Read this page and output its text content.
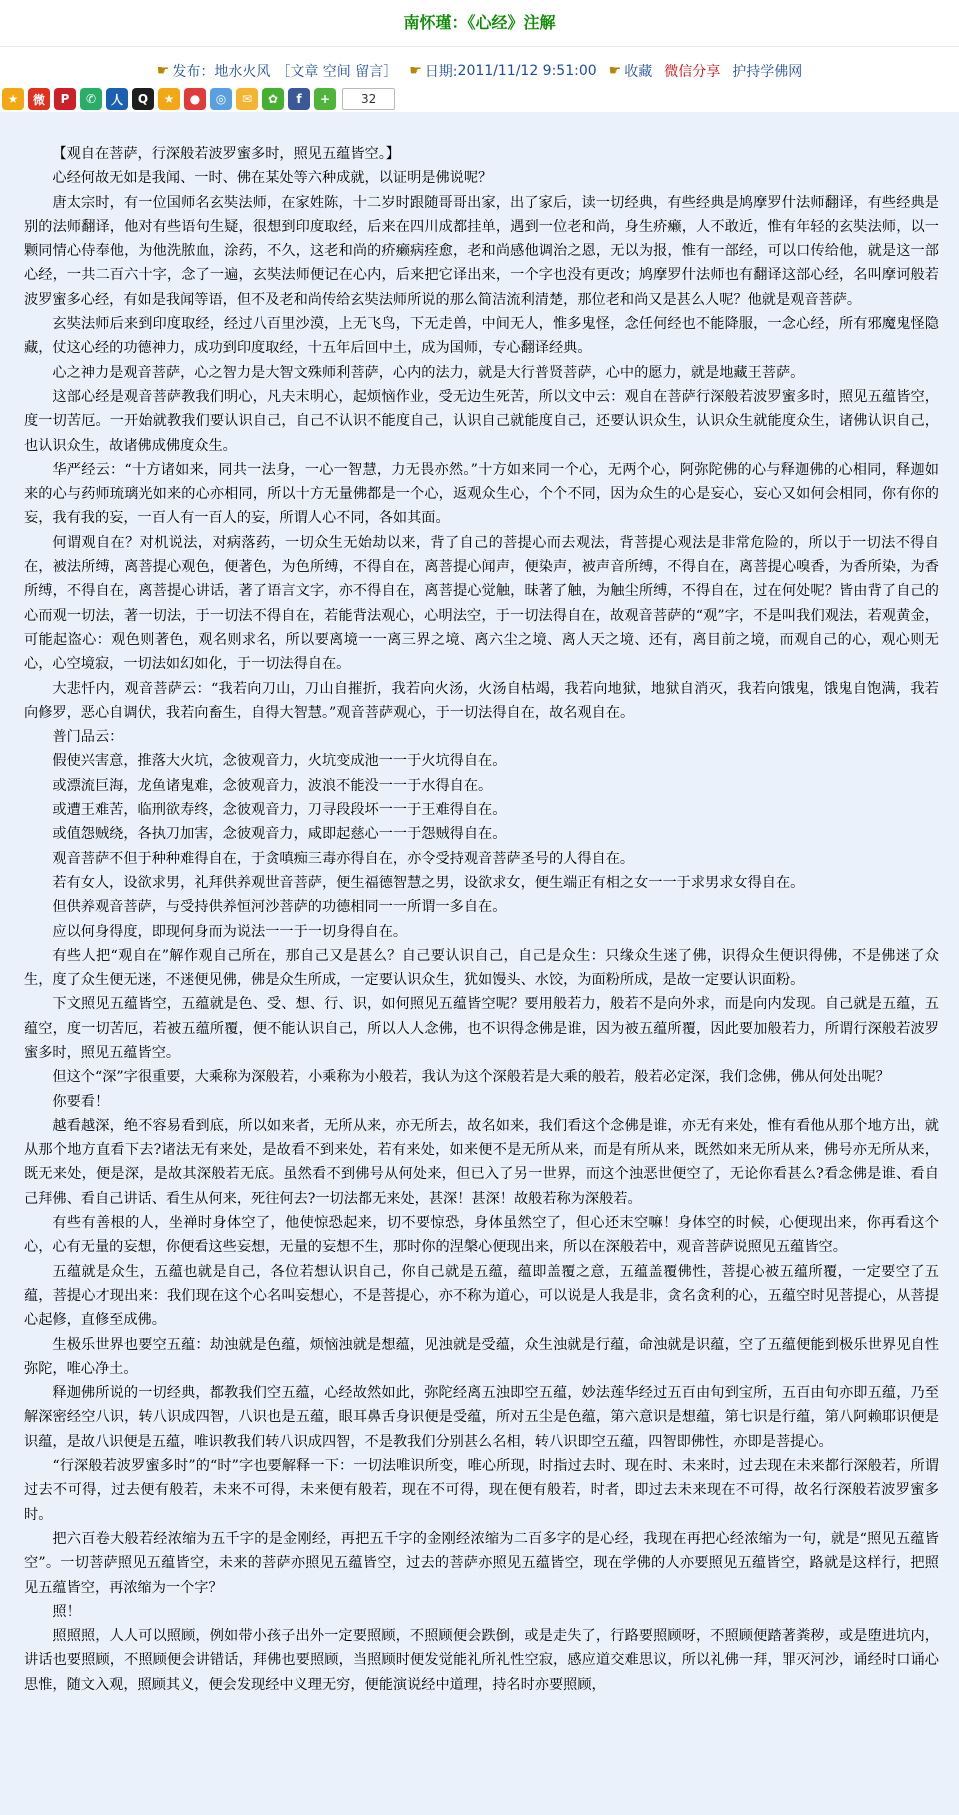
南怀瑾：《心经》注解
☛ 发布： 地水火风 ［文章 空间 留言］ ☛ 日期: 2011/11/12 9:51:00 ☛ 收藏 微信分享 护持学佛网
★	微	P	✆	人	Q	★	●	◎	✉	✿	f	+	32

【观自在菩萨，行深般若波罗蜜多时，照见五蕴皆空。】

心经何故无如是我闻、一时、佛在某处等六种成就，以证明是佛说呢？

唐太宗时，有一位国师名玄奘法师，在家姓陈，十二岁时跟随哥哥出家，出了家后，读一切经典，有些经典是鸠摩罗什法师翻译，有些经典是别的法师翻译，他对有些语句生疑，很想到印度取经，后来在四川成都挂单，遇到一位老和尚，身生疥癞，人不敢近，惟有年轻的玄奘法师，以一颗同情心侍奉他，为他洗脓血，涂药，不久，这老和尚的疥癞病痊愈，老和尚感他调治之恩，无以为报，惟有一部经，可以口传给他，就是这一部心经，一共二百六十字，念了一遍，玄奘法师便记在心内，后来把它译出来，一个字也没有更改；鸠摩罗什法师也有翻译这部心经，名叫摩诃般若波罗蜜多心经，有如是我闻等语，但不及老和尚传给玄奘法师所说的那么简洁流利清楚，那位老和尚又是甚么人呢？他就是观音菩萨。

玄奘法师后来到印度取经，经过八百里沙漠，上无飞鸟，下无走兽，中间无人，惟多鬼怪，念任何经也不能降服，一念心经，所有邪魔鬼怪隐藏，仗这心经的功德神力，成功到印度取经，十五年后回中土，成为国师，专心翻译经典。

心之神力是观音菩萨，心之智力是大智文殊师利菩萨，心内的法力，就是大行普贤菩萨，心中的愿力，就是地藏王菩萨。

这部心经是观音菩萨教我们明心，凡夫末明心，起烦恼作业，受无边生死苦，所以文中云：观自在菩萨行深般若波罗蜜多时，照见五蕴皆空，度一切苦厄。一开始就教我们要认识自己，自己不认识不能度自己，认识自己就能度自己，还要认识众生，认识众生就能度众生，诸佛认识自己，也认识众生，故诸佛成佛度众生。

华严经云：“十方诸如来，同共一法身，一心一智慧，力无畏亦然。”十方如来同一个心，无两个心，阿弥陀佛的心与释迦佛的心相同，释迦如来的心与药师琉璃光如来的心亦相同，所以十方无量佛都是一个心，返观众生心，个个不同，因为众生的心是妄心，妄心又如何会相同，你有你的妄，我有我的妄，一百人有一百人的妄，所谓人心不同，各如其面。

何谓观自在？对机说法，对病落药，一切众生无始劫以来，背了自己的菩提心而去观法，背菩提心观法是非常危险的，所以于一切法不得自在，被法所缚，离菩提心观色，便著色，为色所缚，不得自在，离菩提心闻声，便染声，被声音所缚，不得自在，离菩提心嗅香，为香所染，为香所缚，不得自在，离菩提心讲话，著了语言文字，亦不得自在，离菩提心觉触，昧著了触，为触尘所缚，不得自在，过在何处呢？皆由背了自己的心而观一切法，著一切法，于一切法不得自在，若能背法观心，心明法空，于一切法得自在，故观音菩萨的“观”字，不是叫我们观法，若观黄金，可能起盗心：观色则著色，观名则求名，所以要离境一一离三界之境、离六尘之境、离人天之境、还有，离目前之境，而观自己的心，观心则无心，心空境寂，一切法如幻如化，于一切法得自在。

大悲忏内，观音菩萨云：“我若向刀山，刀山自摧折，我若向火汤，火汤自枯竭，我若向地狱，地狱自消灭，我若向饿鬼，饿鬼自饱满，我若向修罗，恶心自调伏，我若向畜生，自得大智慧。”观音菩萨观心，于一切法得自在，故名观自在。

普门品云：

假使兴害意，推落大火坑，念彼观音力，火坑变成池一一于火坑得自在。

或漂流巨海，龙鱼诸鬼难，念彼观音力，波浪不能没一一于水得自在。

或遭王难苦，临刑欲寿终，念彼观音力，刀寻段段坏一一于王难得自在。

或值怨贼绕，各执刀加害，念彼观音力，咸即起慈心一一于怨贼得自在。

观音菩萨不但于种种难得自在，于贪嗔痴三毒亦得自在，亦令受持观音菩萨圣号的人得自在。

若有女人，设欲求男，礼拜供养观世音菩萨，便生福德智慧之男，设欲求女，便生端正有相之女一一于求男求女得自在。

但供养观音菩萨，与受持供养恒河沙菩萨的功德相同一一所谓一多自在。

应以何身得度，即现何身而为说法一一于一切身得自在。

有些人把“观自在”解作观自己所在，那自己又是甚么？自己要认识自己，自己是众生：只缘众生迷了佛，识得众生便识得佛，不是佛迷了众生，度了众生便无迷，不迷便见佛，佛是众生所成，一定要认识众生，犹如馒头、水饺，为面粉所成，是故一定要认识面粉。

下文照见五蕴皆空，五蕴就是色、受、想、行、识，如何照见五蕴皆空呢？要用般若力，般若不是向外求，而是向内发现。自己就是五蕴，五蕴空，度一切苦厄，若被五蕴所覆，便不能认识自己，所以人人念佛，也不识得念佛是谁，因为被五蕴所覆，因此要加般若力，所谓行深般若波罗蜜多时，照见五蕴皆空。

但这个“深”字很重要，大乘称为深般若，小乘称为小般若，我认为这个深般若是大乘的般若，般若必定深，我们念佛，佛从何处出呢？

你要看！

越看越深，绝不容易看到底，所以如来者，无所从来，亦无所去，故名如来，我们看这个念佛是谁，亦无有来处，惟有看他从那个地方出，就从那个地方直看下去?诸法无有来处，是故看不到来处，若有来处，如来便不是无所从来，而是有所从来，既然如来无所从来，佛号亦无所从来，既无来处，便是深，是故其深般若无底。虽然看不到佛号从何处来，但已入了另一世界，而这个浊恶世便空了，无论你看甚么?看念佛是谁、看自己拜佛、看自己讲话、看生从何来，死往何去?一切法都无来处，甚深！甚深！故般若称为深般若。

有些有善根的人，坐禅时身体空了，他使惊恐起来，切不要惊恐，身体虽然空了，但心还末空嘛！身体空的时候，心便现出来，你再看这个心，心有无量的妄想，你便看这些妄想，无量的妄想不生，那时你的涅槃心便现出来，所以在深般若中，观音菩萨说照见五蕴皆空。

五蕴就是众生，五蕴也就是自己，各位若想认识自己，你自己就是五蕴，蕴即盖覆之意，五蕴盖覆佛性，菩提心被五蕴所覆，一定要空了五蕴，菩提心才现出来：我们现在这个心名叫妄想心，不是菩提心，亦不称为道心，可以说是人我是非，贪名贪利的心，五蕴空时见菩提心，从菩提心起修，直修至成佛。

生极乐世界也要空五蕴：劫浊就是色蕴，烦恼浊就是想蕴，见浊就是受蕴，众生浊就是行蕴，命浊就是识蕴，空了五蕴便能到极乐世界见自性弥陀，唯心净土。

释迦佛所说的一切经典，都教我们空五蕴，心经故然如此，弥陀经离五浊即空五蕴，妙法莲华经过五百由旬到宝所，五百由旬亦即五蕴，乃至解深密经空八识，转八识成四智，八识也是五蕴，眼耳鼻舌身识便是受蕴，所对五尘是色蕴，第六意识是想蕴，第七识是行蕴，第八阿赖耶识便是识蕴，是故八识便是五蕴，唯识教我们转八识成四智，不是教我们分别甚么名相，转八识即空五蕴，四智即佛性，亦即是菩提心。

“行深般若波罗蜜多时”的“时”字也要解释一下：一切法唯识所变，唯心所现，时指过去时、现在时、未来时，过去现在未来都行深般若，所谓过去不可得，过去便有般若，未来不可得，未来便有般若，现在不可得，现在便有般若，时者，即过去未来现在不可得，故名行深般若波罗蜜多时。

把六百卷大般若经浓缩为五千字的是金刚经，再把五千字的金刚经浓缩为二百多字的是心经，我现在再把心经浓缩为一句，就是“照见五蕴皆空”。一切菩萨照见五蕴皆空，未来的菩萨亦照见五蕴皆空，过去的菩萨亦照见五蕴皆空，现在学佛的人亦要照见五蕴皆空，路就是这样行，把照见五蕴皆空，再浓缩为一个字？

照！

照照照，人人可以照顾，例如带小孩子出外一定要照顾，不照顾便会跌倒，或是走失了，行路要照顾呀，不照顾便踏著粪秽，或是堕进坑内，讲话也要照顾，不照顾便会讲错话，拜佛也要照顾，当照顾时便发觉能礼所礼性空寂，感应道交难思议，所以礼佛一拜，罪灭河沙，诵经时口诵心思惟，随文入观，照顾其义，便会发现经中义理无穷，便能演说经中道理，持名时亦要照顾，
